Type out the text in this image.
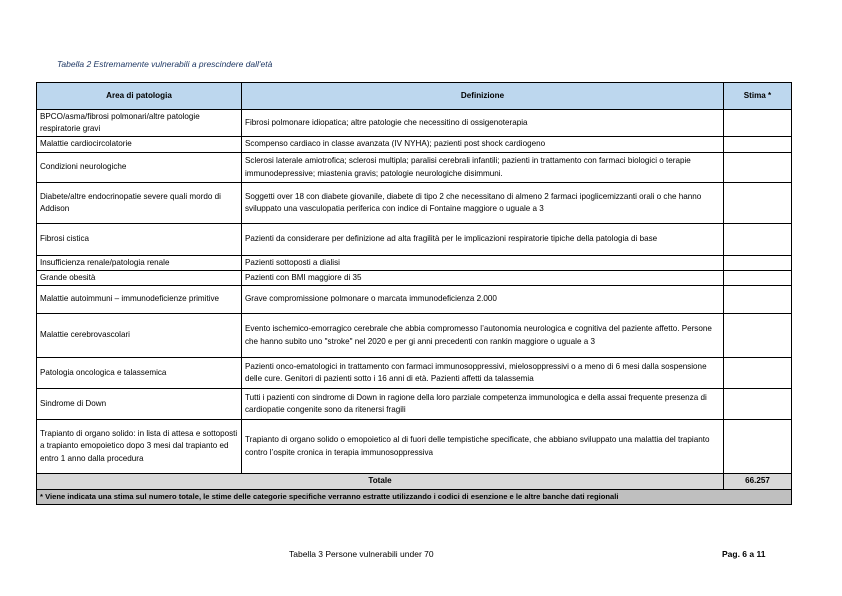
Tabella 2 Estremamente vulnerabili a prescindere dall'età
Area di patologia	Definizione	Stima *
BPCO/asma/fibrosi polmonari/altre patologie respiratorie gravi	Fibrosi polmonare idiopatica; altre patologie che necessitino di ossigenoterapia	
Malattie cardiocircolatorie	Scompenso cardiaco in classe avanzata (IV NYHA); pazienti post shock cardiogeno	
Condizioni neurologiche	Sclerosi laterale amiotrofica; sclerosi multipla; paralisi cerebrali infantili; pazienti in trattamento con farmaci biologici o terapie immunodepressive; miastenia gravis; patologie neurologiche disimmuni.	
Diabete/altre endocrinopatie severe quali mordo di Addison	Soggetti over 18 con diabete giovanile, diabete di tipo 2 che necessitano di almeno 2 farmaci ipoglicemizzanti orali o che hanno sviluppato una vasculopatia periferica con indice di Fontaine maggiore o uguale a 3	
Fibrosi cistica	Pazienti da considerare per definizione ad alta fragilità per le implicazioni respiratorie tipiche della patologia di base	
Insufficienza renale/patologia renale	Pazienti sottoposti a dialisi	
Grande obesità	Pazienti con BMI maggiore di 35	
Malattie autoimmuni – immunodeficienze primitive	Grave compromissione polmonare o marcata immunodeficienza 2.000	
Malattie cerebrovascolari	Evento ischemico-emorragico cerebrale che abbia compromesso l’autonomia neurologica e cognitiva del paziente affetto. Persone che hanno subito uno "stroke" nel 2020 e per gi anni precedenti con rankin maggiore o uguale a 3	
Patologia oncologica e talassemica	Pazienti onco-ematologici in trattamento con farmaci immunosoppressivi, mielosoppressivi o a meno di 6 mesi dalla sospensione delle cure. Genitori di pazienti sotto i 16 anni di età. Pazienti affetti da talassemia	
Sindrome di Down	Tutti i pazienti con sindrome di Down in ragione della loro parziale competenza immunologica e della assai frequente presenza di cardiopatie congenite sono da ritenersi fragili	
Trapianto di organo solido: in lista di attesa e sottoposti a trapianto emopoietico dopo 3 mesi dal trapianto ed entro 1 anno dalla procedura	Trapianto di organo solido o emopoietico al di fuori delle tempistiche specificate, che abbiano sviluppato una malattia del trapianto contro l’ospite cronica in terapia immunosoppressiva	
Totale		66.257
* Viene indicata una stima sul numero totale, le stime delle categorie specifiche verranno estratte utilizzando i codici di esenzione e le altre banche dati regionali		
Tabella 3 Persone vulnerabili under 70	Pag. 6 a 11
